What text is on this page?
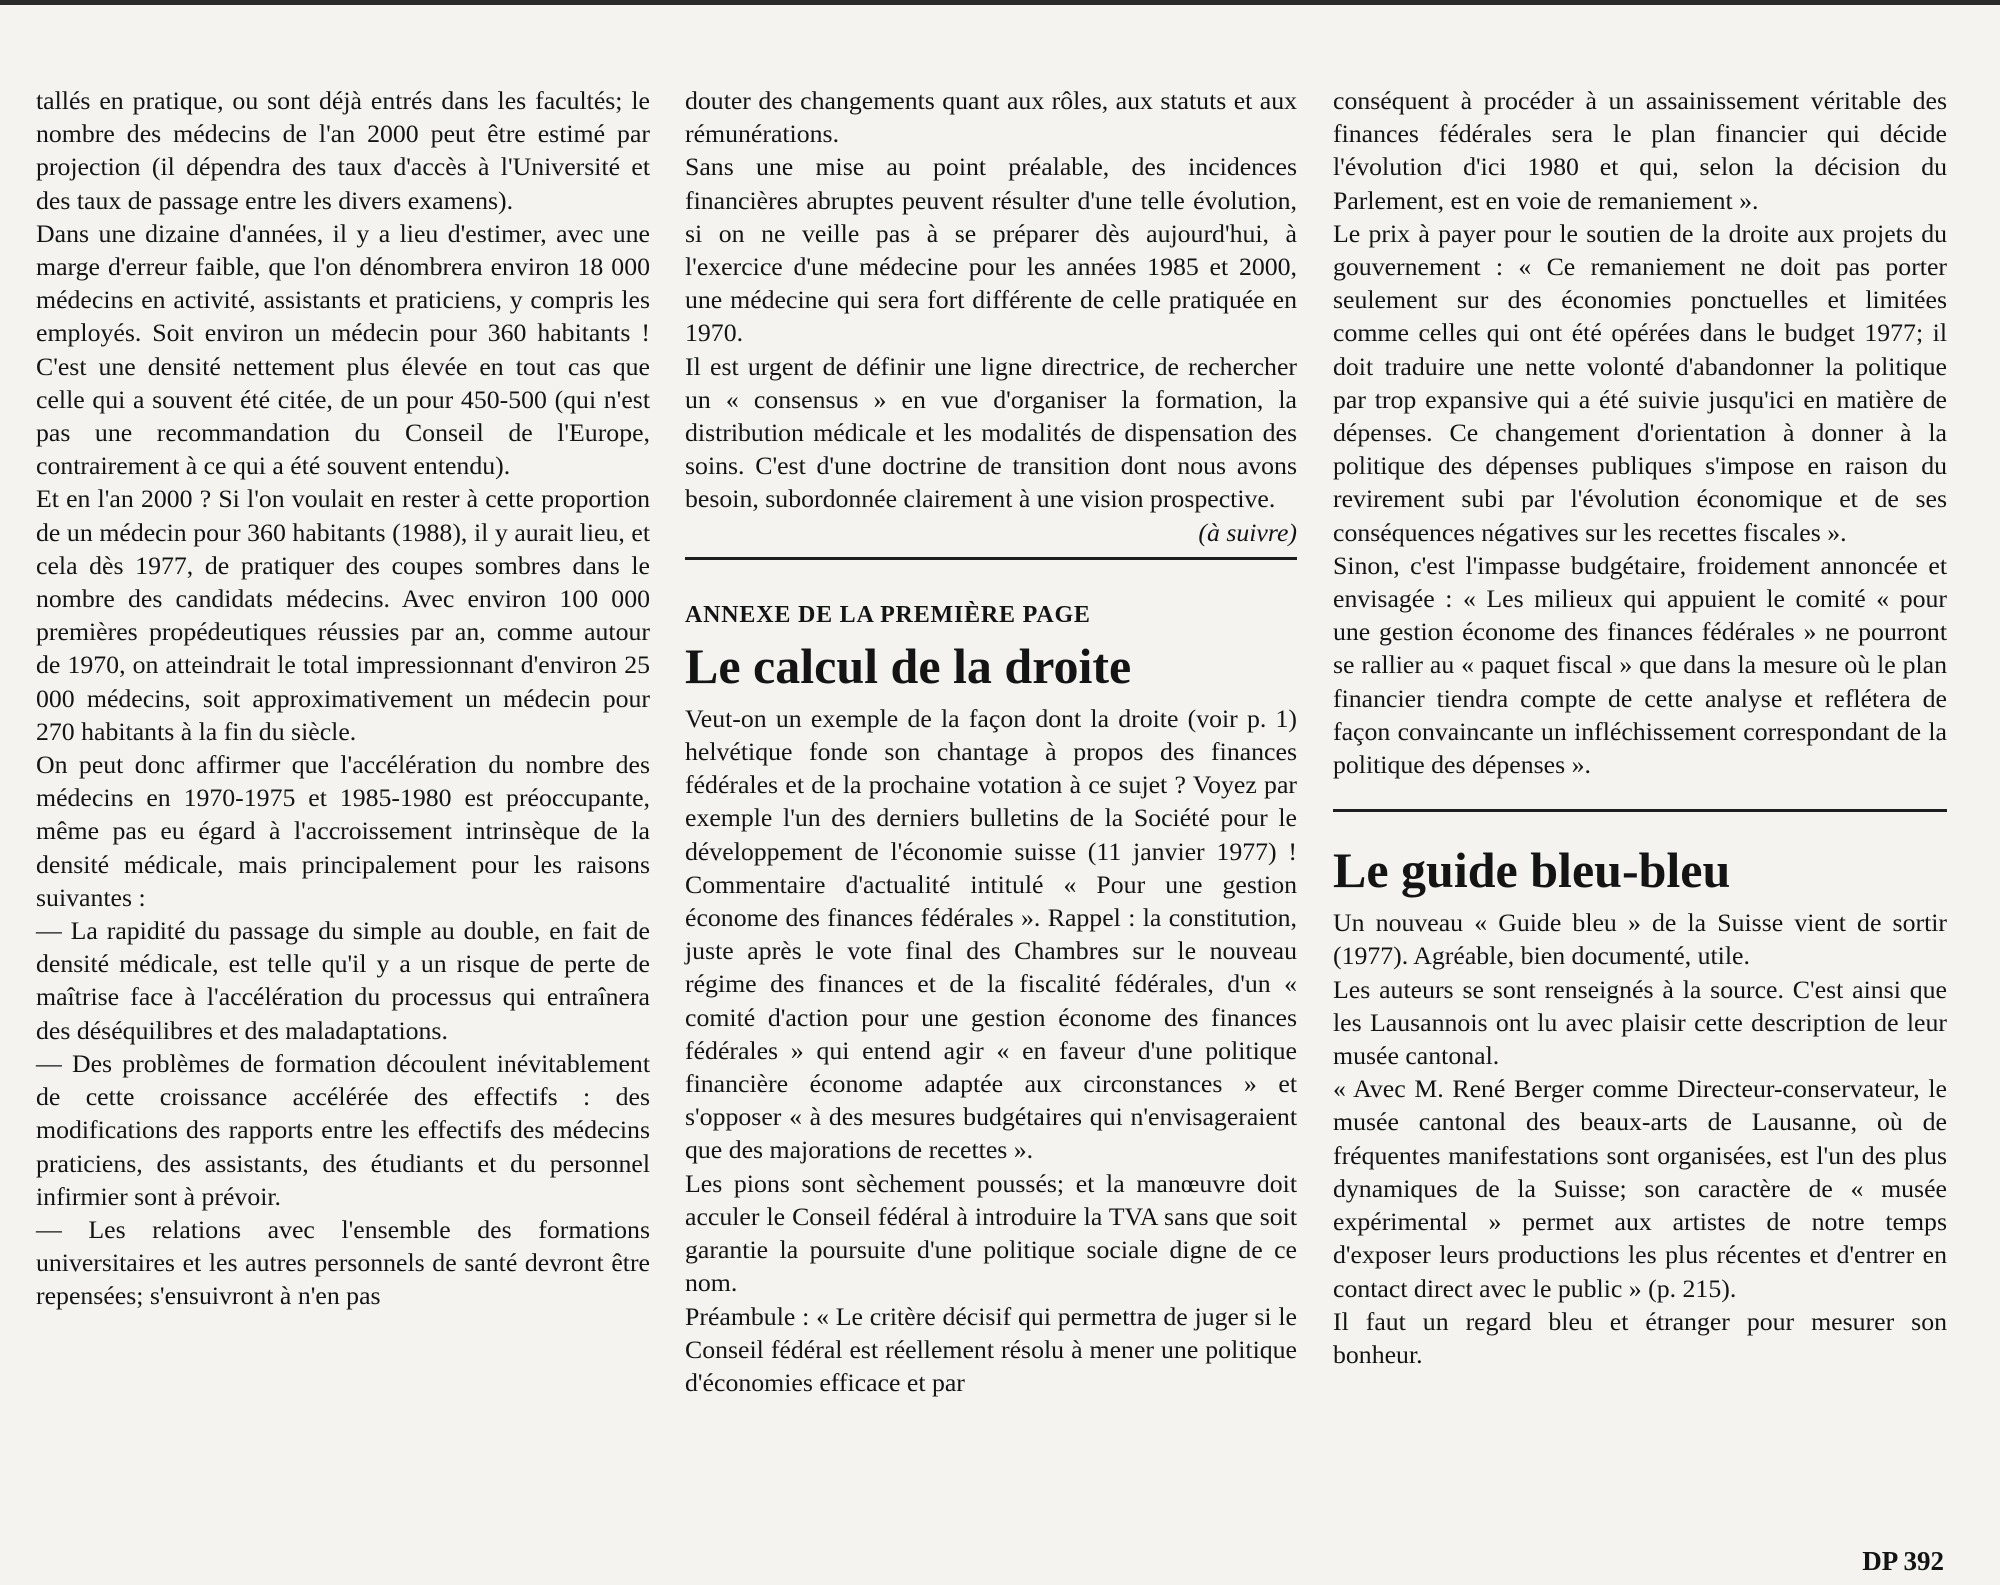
tallés en pratique, ou sont déjà entrés dans les facultés; le nombre des médecins de l'an 2000 peut être estimé par projection (il dépendra des taux d'accès à l'Université et des taux de passage entre les divers examens).

Dans une dizaine d'années, il y a lieu d'estimer, avec une marge d'erreur faible, que l'on dénombrera environ 18 000 médecins en activité, assistants et praticiens, y compris les employés. Soit environ un médecin pour 360 habitants ! C'est une densité nettement plus élevée en tout cas que celle qui a souvent été citée, de un pour 450-500 (qui n'est pas une recommandation du Conseil de l'Europe, contrairement à ce qui a été souvent entendu).

Et en l'an 2000 ? Si l'on voulait en rester à cette proportion de un médecin pour 360 habitants (1988), il y aurait lieu, et cela dès 1977, de pratiquer des coupes sombres dans le nombre des candidats médecins. Avec environ 100 000 premières propédeutiques réussies par an, comme autour de 1970, on atteindrait le total impressionnant d'environ 25 000 médecins, soit approximativement un médecin pour 270 habitants à la fin du siècle.

On peut donc affirmer que l'accélération du nombre des médecins en 1970-1975 et 1985-1980 est préoccupante, même pas eu égard à l'accroissement intrinsèque de la densité médicale, mais principalement pour les raisons suivantes :

— La rapidité du passage du simple au double, en fait de densité médicale, est telle qu'il y a un risque de perte de maîtrise face à l'accélération du processus qui entraînera des déséquilibres et des maladaptations.

— Des problèmes de formation découlent inévitablement de cette croissance accélérée des effectifs : des modifications des rapports entre les effectifs des médecins praticiens, des assistants, des étudiants et du personnel infirmier sont à prévoir.

— Les relations avec l'ensemble des formations universitaires et les autres personnels de santé devront être repensées; s'ensuivront à n'en pas

douter des changements quant aux rôles, aux statuts et aux rémunérations.

Sans une mise au point préalable, des incidences financières abruptes peuvent résulter d'une telle évolution, si on ne veille pas à se préparer dès aujourd'hui, à l'exercice d'une médecine pour les années 1985 et 2000, une médecine qui sera fort différente de celle pratiquée en 1970.

Il est urgent de définir une ligne directrice, de rechercher un « consensus » en vue d'organiser la formation, la distribution médicale et les modalités de dispensation des soins. C'est d'une doctrine de transition dont nous avons besoin, subordonnée clairement à une vision prospective.

(à suivre)

ANNEXE DE LA PREMIÈRE PAGE

Le calcul de la droite

Veut-on un exemple de la façon dont la droite (voir p. 1) helvétique fonde son chantage à propos des finances fédérales et de la prochaine votation à ce sujet ? Voyez par exemple l'un des derniers bulletins de la Société pour le développement de l'économie suisse (11 janvier 1977) ! Commentaire d'actualité intitulé « Pour une gestion économe des finances fédérales ». Rappel : la constitution, juste après le vote final des Chambres sur le nouveau régime des finances et de la fiscalité fédérales, d'un « comité d'action pour une gestion économe des finances fédérales » qui entend agir « en faveur d'une politique financière économe adaptée aux circonstances » et s'opposer « à des mesures budgétaires qui n'envisageraient que des majorations de recettes ».

Les pions sont sèchement poussés; et la manœuvre doit acculer le Conseil fédéral à introduire la TVA sans que soit garantie la poursuite d'une politique sociale digne de ce nom.

Préambule : « Le critère décisif qui permettra de juger si le Conseil fédéral est réellement résolu à mener une politique d'économies efficace et par

conséquent à procéder à un assainissement véritable des finances fédérales sera le plan financier qui décide l'évolution d'ici 1980 et qui, selon la décision du Parlement, est en voie de remaniement ».

Le prix à payer pour le soutien de la droite aux projets du gouvernement : « Ce remaniement ne doit pas porter seulement sur des économies ponctuelles et limitées comme celles qui ont été opérées dans le budget 1977; il doit traduire une nette volonté d'abandonner la politique par trop expansive qui a été suivie jusqu'ici en matière de dépenses. Ce changement d'orientation à donner à la politique des dépenses publiques s'impose en raison du revirement subi par l'évolution économique et de ses conséquences négatives sur les recettes fiscales ».

Sinon, c'est l'impasse budgétaire, froidement annoncée et envisagée : « Les milieux qui appuient le comité « pour une gestion économe des finances fédérales » ne pourront se rallier au « paquet fiscal » que dans la mesure où le plan financier tiendra compte de cette analyse et reflétera de façon convaincante un infléchissement correspondant de la politique des dépenses ».

Le guide bleu-bleu

Un nouveau « Guide bleu » de la Suisse vient de sortir (1977). Agréable, bien documenté, utile.

Les auteurs se sont renseignés à la source. C'est ainsi que les Lausannois ont lu avec plaisir cette description de leur musée cantonal.

« Avec M. René Berger comme Directeur-conservateur, le musée cantonal des beaux-arts de Lausanne, où de fréquentes manifestations sont organisées, est l'un des plus dynamiques de la Suisse; son caractère de « musée expérimental » permet aux artistes de notre temps d'exposer leurs productions les plus récentes et d'entrer en contact direct avec le public » (p. 215).

Il faut un regard bleu et étranger pour mesurer son bonheur.

DP 392
